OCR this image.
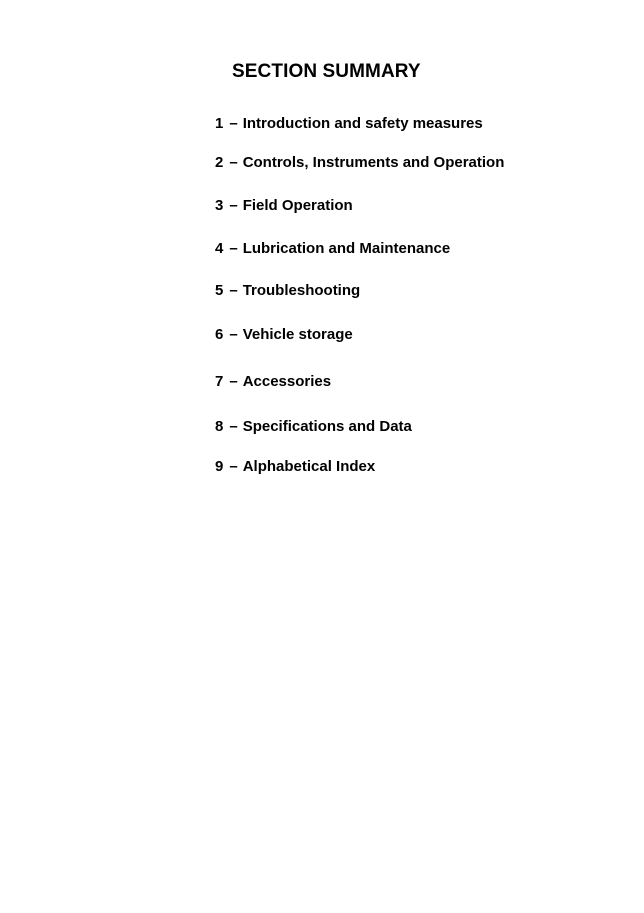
SECTION SUMMARY
1 – Introduction and safety measures
2 – Controls, Instruments and Operation
3 – Field Operation
4 – Lubrication and Maintenance
5 – Troubleshooting
6 – Vehicle storage
7 – Accessories
8 – Specifications and Data
9 – Alphabetical Index
